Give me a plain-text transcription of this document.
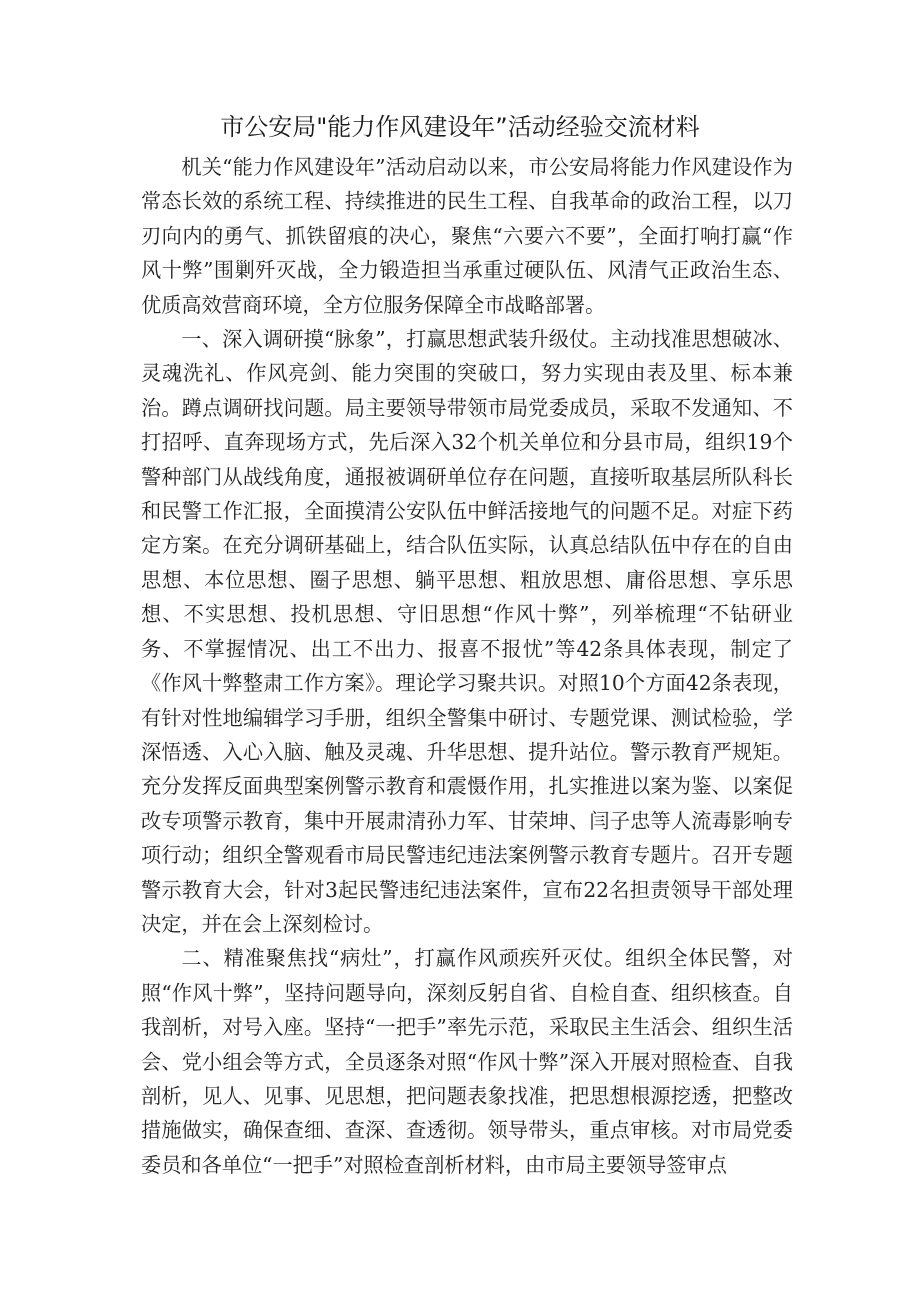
市公安局"能力作风建设年”活动经验交流材料

机关“能力作风建设年”活动启动以来，市公安局将能力作风建设作为常态长效的系统工程、持续推进的民生工程、自我革命的政治工程，以刀刃向内的勇气、抓铁留痕的决心，聚焦“六要六不要”，全面打响打赢“作风十弊”围剿歼灭战，全力锻造担当承重过硬队伍、风清气正政治生态、优质高效营商环境，全方位服务保障全市战略部署。

一、深入调研摸“脉象”，打赢思想武装升级仗。主动找准思想破冰、灵魂洗礼、作风亮剑、能力突围的突破口，努力实现由表及里、标本兼治。蹲点调研找问题。局主要领导带领市局党委成员，采取不发通知、不打招呼、直奔现场方式，先后深入32个机关单位和分县市局，组织19个警种部门从战线角度，通报被调研单位存在问题，直接听取基层所队科长和民警工作汇报，全面摸清公安队伍中鲜活接地气的问题不足。对症下药定方案。在充分调研基础上，结合队伍实际，认真总结队伍中存在的自由思想、本位思想、圈子思想、躺平思想、粗放思想、庸俗思想、享乐思想、不实思想、投机思想、守旧思想“作风十弊”，列举梳理“不钻研业务、不掌握情况、出工不出力、报喜不报忧”等42条具体表现，制定了《作风十弊整肃工作方案》。理论学习聚共识。对照10个方面42条表现，有针对性地编辑学习手册，组织全警集中研讨、专题党课、测试检验，学深悟透、入心入脑、触及灵魂、升华思想、提升站位。警示教育严规矩。充分发挥反面典型案例警示教育和震慑作用，扎实推进以案为鉴、以案促改专项警示教育，集中开展肃清孙力军、甘荣坤、闫子忠等人流毒影响专项行动；组织全警观看市局民警违纪违法案例警示教育专题片。召开专题警示教育大会，针对3起民警违纪违法案件，宣布22名担责领导干部处理决定，并在会上深刻检讨。

二、精准聚焦找“病灶”，打赢作风顽疾歼灭仗。组织全体民警，对照“作风十弊”，坚持问题导向，深刻反躬自省、自检自查、组织核查。自我剖析，对号入座。坚持“一把手”率先示范，采取民主生活会、组织生活会、党小组会等方式，全员逐条对照“作风十弊”深入开展对照检查、自我剖析，见人、见事、见思想，把问题表象找准，把思想根源挖透，把整改措施做实，确保查细、查深、查透彻。领导带头，重点审核。对市局党委委员和各单位“一把手”对照检查剖析材料，由市局主要领导签审点
